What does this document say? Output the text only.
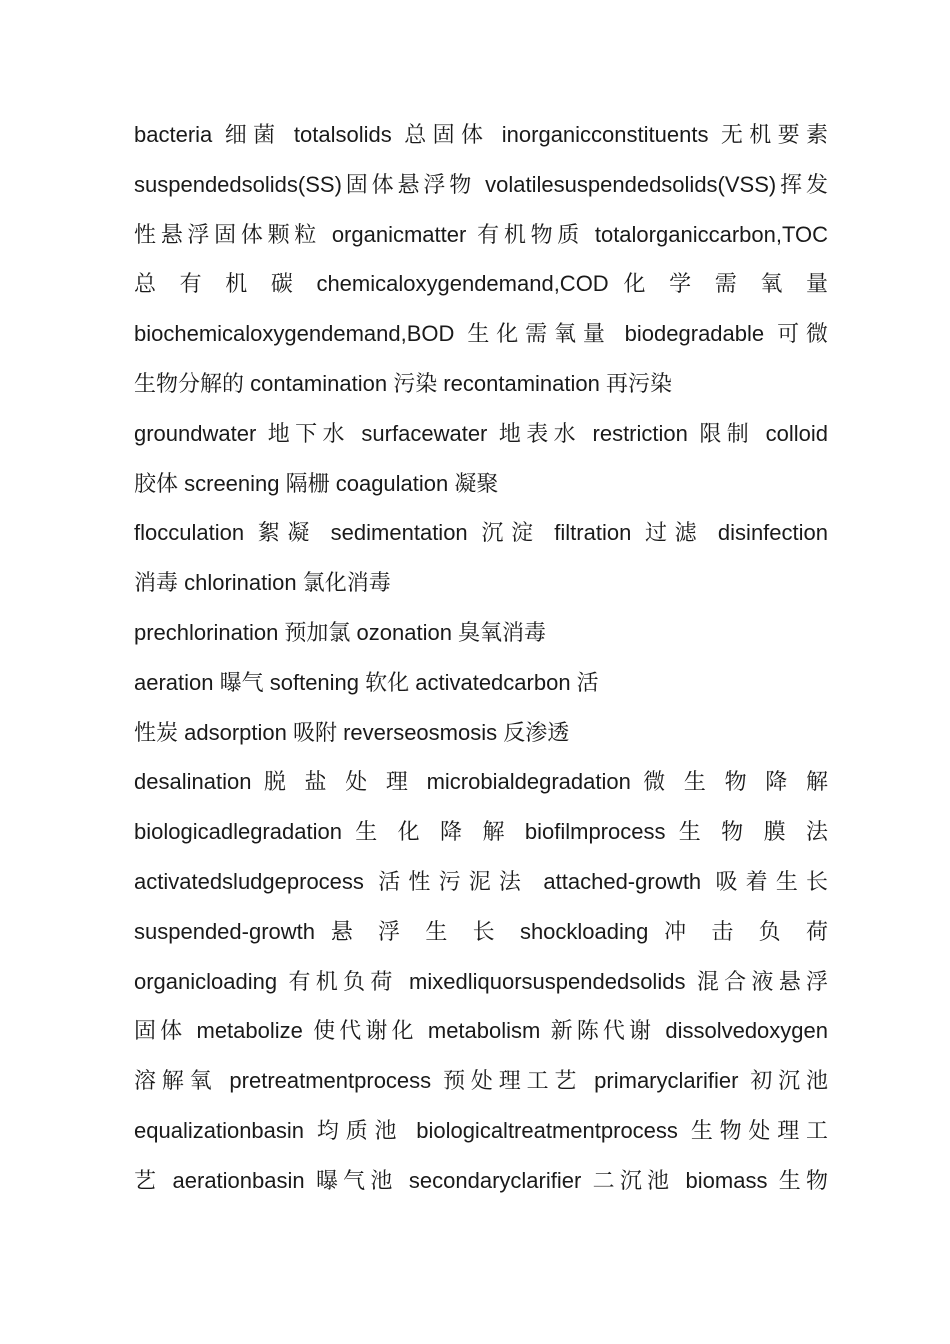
bacteria 细菌 totalsolids 总固体 inorganicconstituents 无机要素
suspendedsolids(SS)固体悬浮物 volatilesuspendedsolids(VSS)挥发
性悬浮固体颗粒 organicmatter 有机物质 totalorganiccarbon,TOC
总 有 机 碳 chemicaloxygendemand,COD 化 学 需 氧 量
biochemicaloxygendemand,BOD 生化需氧量 biodegradable 可微
生物分解的 contamination 污染 recontamination 再污染
groundwater 地下水 surfacewater 地表水 restriction 限制 colloid
胶体 screening 隔栅 coagulation 凝聚
flocculation 絮凝 sedimentation 沉淀 filtration 过滤 disinfection
消毒 chlorination 氯化消毒
prechlorination 预加氯 ozonation 臭氧消毒
aeration 曝气 softening 软化 activatedcarbon 活
性炭 adsorption 吸附 reverseosmosis 反渗透
desalination 脱 盐 处 理 microbialdegradation 微 生 物 降 解
biologicadlegradation 生 化 降 解 biofilmprocess 生 物 膜 法
activatedsludgeprocess 活性污泥法 attached-growth 吸着生长
suspended-growth 悬 浮 生 长 shockloading 冲 击 负 荷
organicloading 有机负荷 mixedliquorsuspendedsolids 混合液悬浮
固体 metabolize 使代谢化 metabolism 新陈代谢 dissolvedoxygen
溶解氧 pretreatmentprocess 预处理工艺 primaryclarifier 初沉池
equalizationbasin 均质池 biologicaltreatmentprocess 生物处理工
艺 aerationbasin 曝气池 secondaryclarifier 二沉池 biomass 生物
